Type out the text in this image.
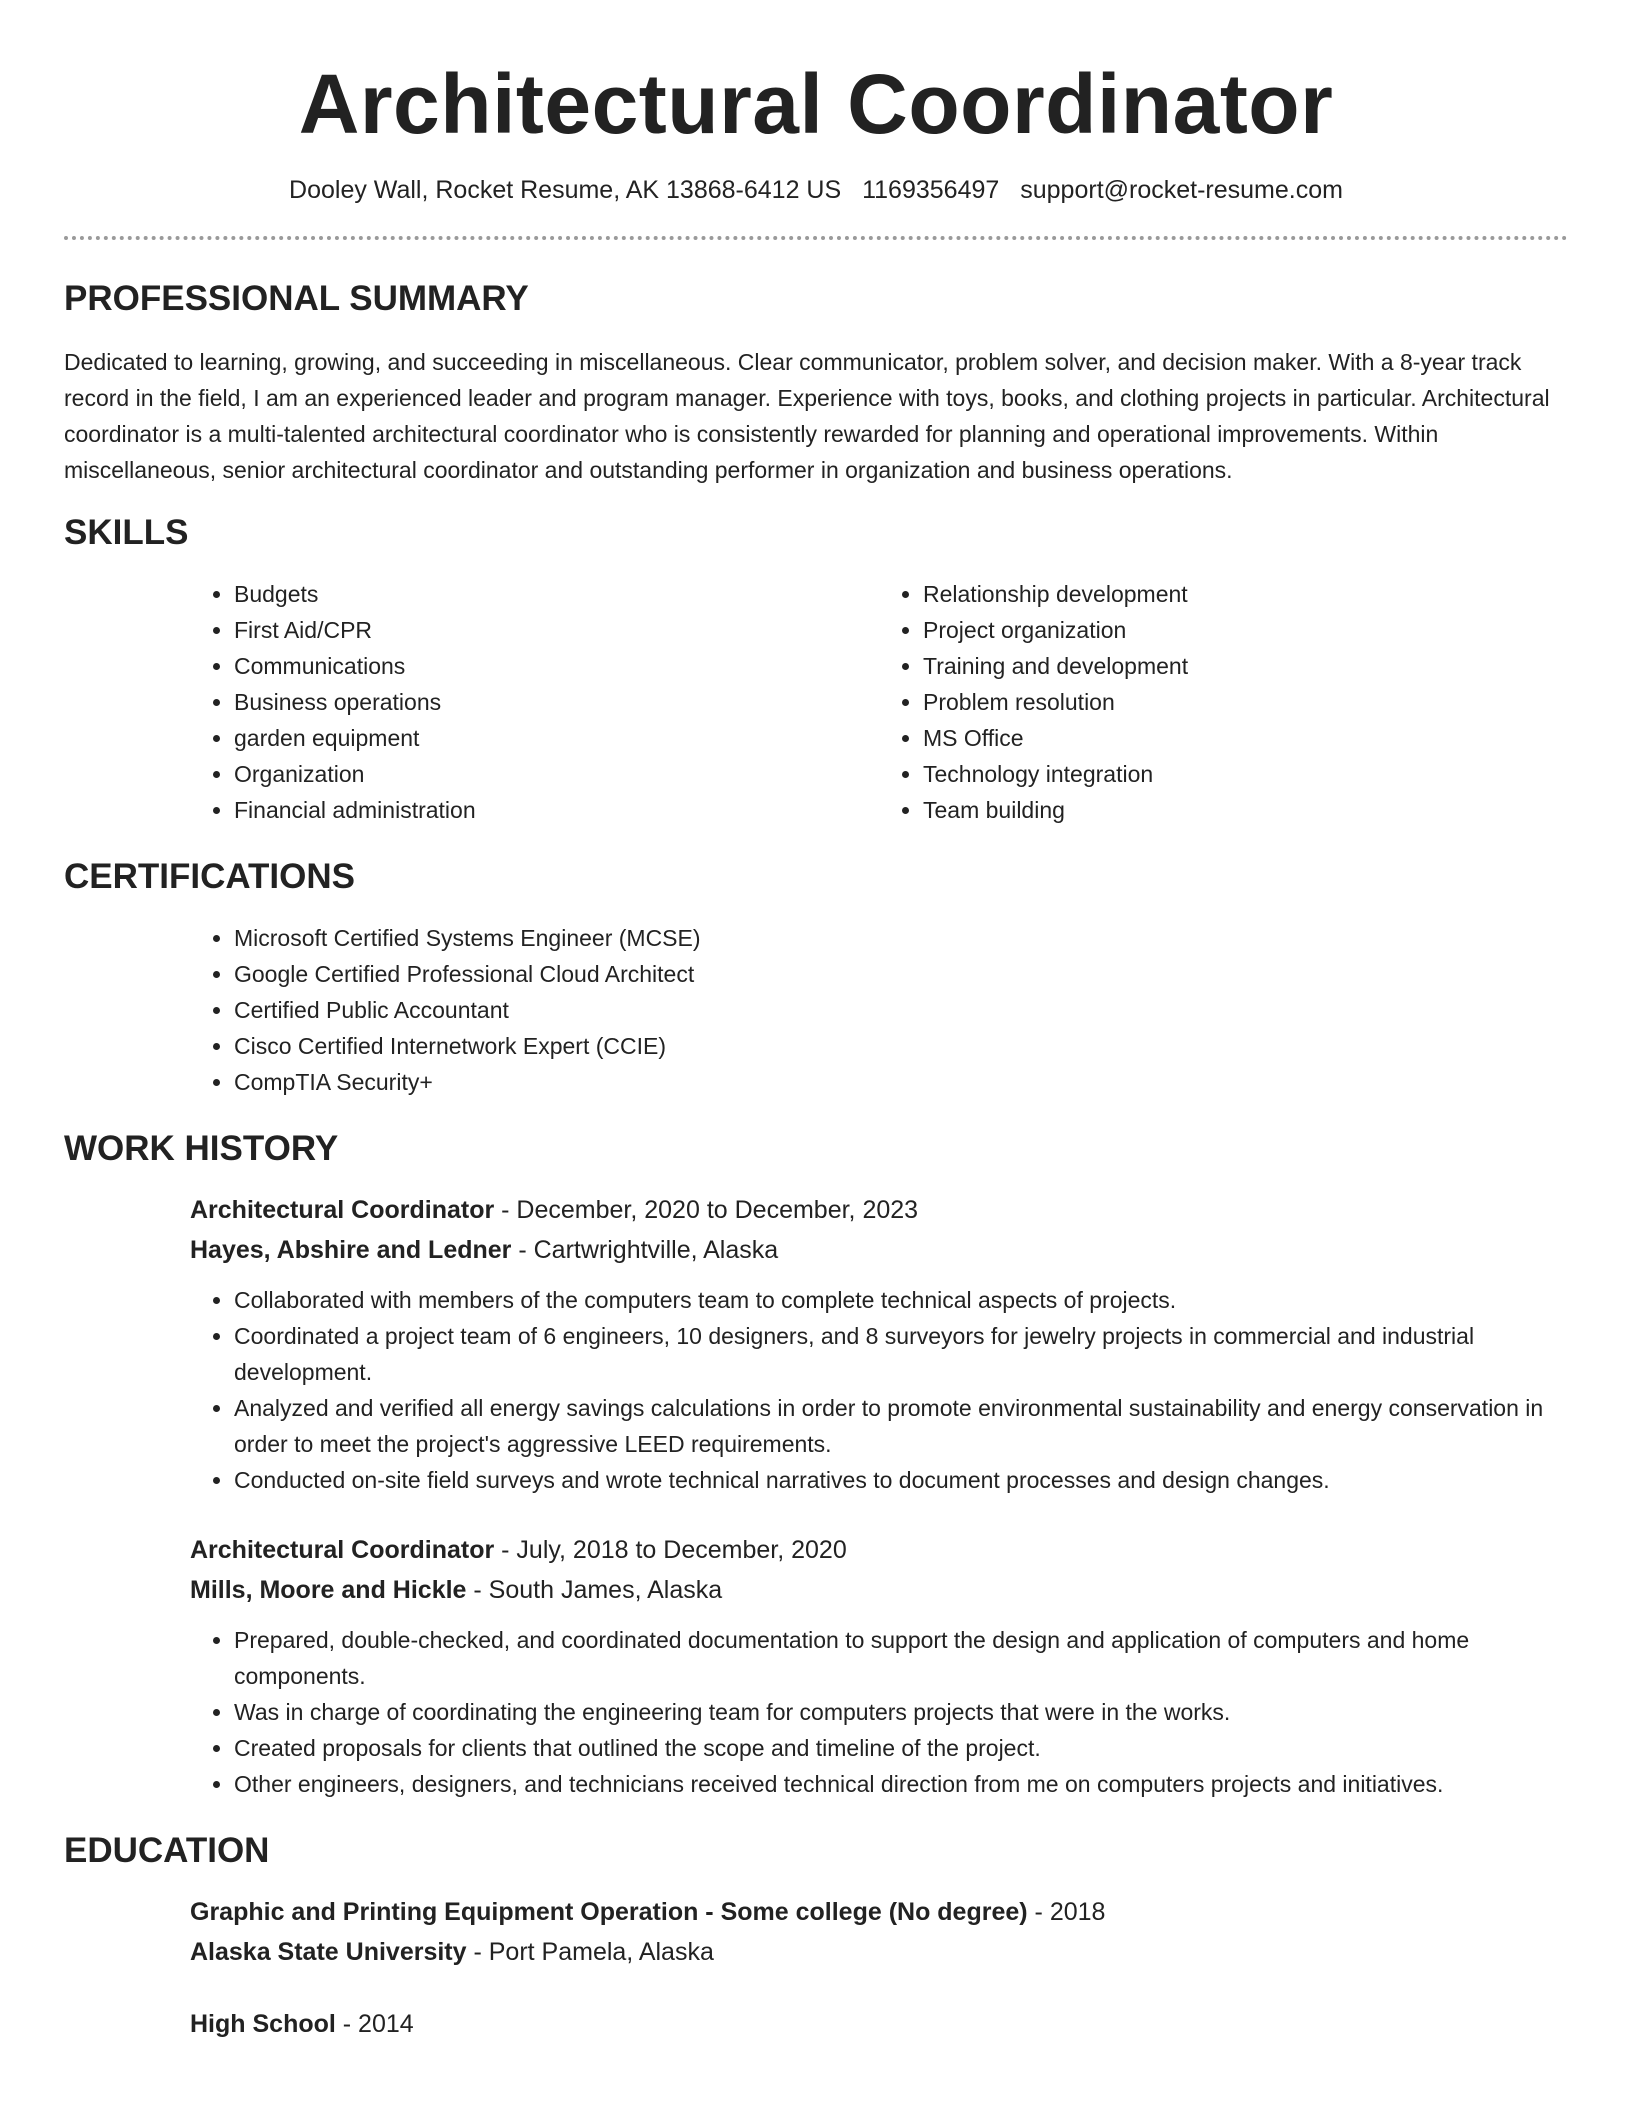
Architectural Coordinator
Dooley Wall, Rocket Resume, AK 13868-6412 US 1169356497 support@rocket-resume.com
PROFESSIONAL SUMMARY

Dedicated to learning, growing, and succeeding in miscellaneous. Clear communicator, problem solver, and decision maker. With a 8-year track record in the field, I am an experienced leader and program manager. Experience with toys, books, and clothing projects in particular. Architectural coordinator is a multi-talented architectural coordinator who is consistently rewarded for planning and operational improvements. Within miscellaneous, senior architectural coordinator and outstanding performer in organization and business operations.

SKILLS
• Budgets
• First Aid/CPR
• Communications
• Business operations
• garden equipment
• Organization
• Financial administration
• Relationship development
• Project organization
• Training and development
• Problem resolution
• MS Office
• Technology integration
• Team building
CERTIFICATIONS
• Microsoft Certified Systems Engineer (MCSE)
• Google Certified Professional Cloud Architect
• Certified Public Accountant
• Cisco Certified Internetwork Expert (CCIE)
• CompTIA Security+
WORK HISTORY

Architectural Coordinator - December, 2020 to December, 2023

Hayes, Abshire and Ledner - Cartwrightville, Alaska

• Collaborated with members of the computers team to complete technical aspects of projects.
• Coordinated a project team of 6 engineers, 10 designers, and 8 surveyors for jewelry projects in commercial and industrial development.
• Analyzed and verified all energy savings calculations in order to promote environmental sustainability and energy conservation in order to meet the project's aggressive LEED requirements.
• Conducted on-site field surveys and wrote technical narratives to document processes and design changes.

Architectural Coordinator - July, 2018 to December, 2020

Mills, Moore and Hickle - South James, Alaska

• Prepared, double-checked, and coordinated documentation to support the design and application of computers and home components.
• Was in charge of coordinating the engineering team for computers projects that were in the works.
• Created proposals for clients that outlined the scope and timeline of the project.
• Other engineers, designers, and technicians received technical direction from me on computers projects and initiatives.
EDUCATION

Graphic and Printing Equipment Operation - Some college (No degree) - 2018

Alaska State University - Port Pamela, Alaska

High School - 2014
